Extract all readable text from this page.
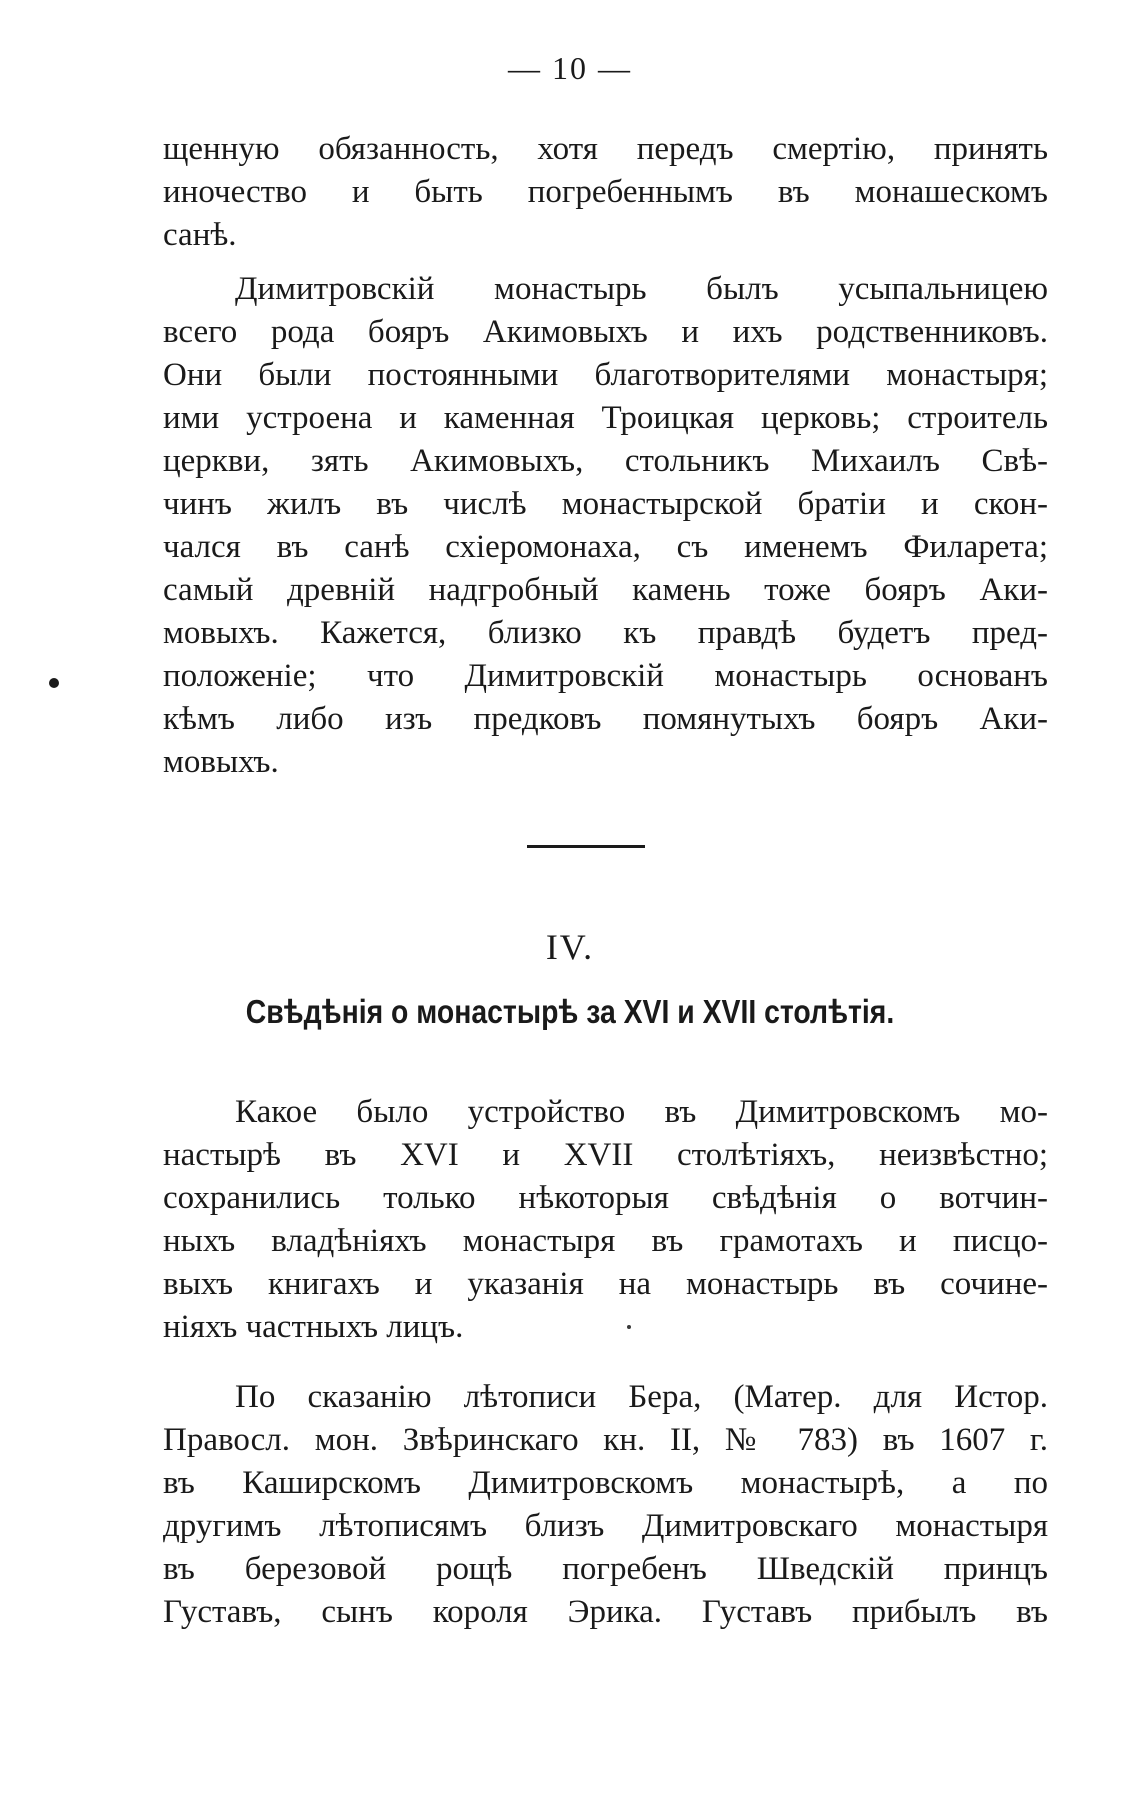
— 10 —
щенную обязанность, хотя передъ смертію, принять
иночество и быть погребеннымъ въ монашескомъ
санѣ.
Димитровскій монастырь былъ усыпальницею
всего рода бояръ Акимовыхъ и ихъ родственниковъ.
Они были постоянными благотворителями монастыря;
ими устроена и каменная Троицкая церковь; строитель
церкви, зять Акимовыхъ, стольникъ Михаилъ Свѣ-
чинъ жилъ въ числѣ монастырской братіи и скон-
чался въ санѣ схіеромонаха, съ именемъ Филарета;
самый древній надгробный камень тоже бояръ Аки-
мовыхъ. Кажется, близко къ правдѣ будетъ пред-
положеніе; что Димитровскій монастырь основанъ
кѣмъ либо изъ предковъ помянутыхъ бояръ Аки-
мовыхъ.
IV.
Свѣдѣнія о монастырѣ за XVI и XVII столѣтія.
Какое было устройство въ Димитровскомъ мо-
настырѣ въ XVI и XVII столѣтіяхъ, неизвѣстно;
сохранились только нѣкоторыя свѣдѣнія о вотчин-
ныхъ владѣніяхъ монастыря въ грамотахъ и писцо-
выхъ книгахъ и указанія на монастырь въ сочине-
ніяхъ частныхъ лицъ.
По сказанію лѣтописи Бера, (Матер. для Истор.
Правосл. мон. Звѣринскаго кн. II, № 783) въ 1607 г.
въ Каширскомъ Димитровскомъ монастырѣ, а по
другимъ лѣтописямъ близъ Димитровскаго монастыря
въ березовой рощѣ погребенъ Шведскій принцъ
Густавъ, сынъ короля Эрика. Густавъ прибылъ въ
